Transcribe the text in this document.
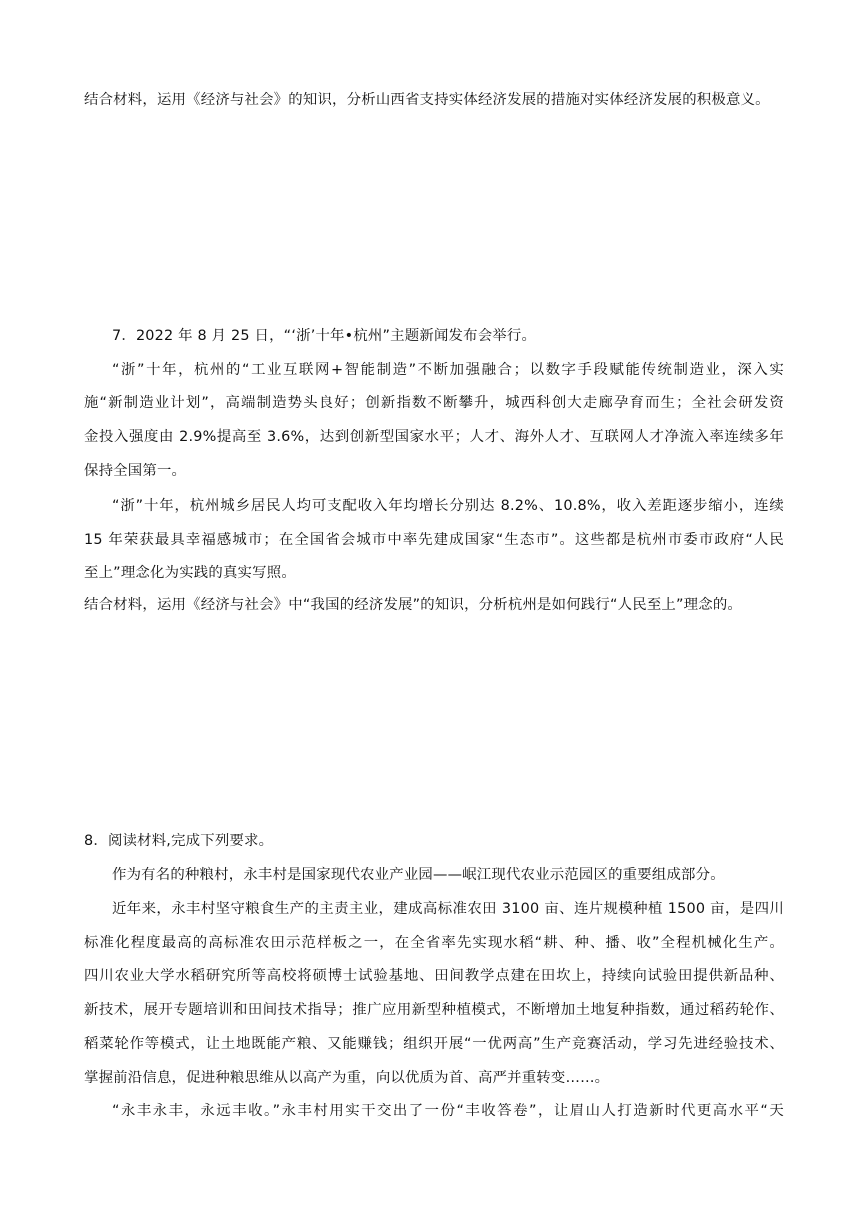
结合材料，运用《经济与社会》的知识，分析山西省支持实体经济发展的措施对实体经济发展的积极意义。
7．2022 年 8 月 25 日，“‘浙’十年•杭州”主题新闻发布会举行。
“浙”十年，杭州的“工业互联网+智能制造”不断加强融合；以数字手段赋能传统制造业，深入实
施“新制造业计划”，高端制造势头良好；创新指数不断攀升，城西科创大走廊孕育而生；全社会研发资
金投入强度由 2.9%提高至 3.6%，达到创新型国家水平；人才、海外人才、互联网人才净流入率连续多年
保持全国第一。
“浙”十年，杭州城乡居民人均可支配收入年均增长分别达 8.2%、10.8%，收入差距逐步缩小，连续
15 年荣获最具幸福感城市；在全国省会城市中率先建成国家“生态市”。这些都是杭州市委市政府“人民
至上”理念化为实践的真实写照。
结合材料，运用《经济与社会》中“我国的经济发展”的知识，分析杭州是如何践行“人民至上”理念的。
8．阅读材料,完成下列要求。
作为有名的种粮村，永丰村是国家现代农业产业园——岷江现代农业示范园区的重要组成部分。
近年来，永丰村坚守粮食生产的主责主业，建成高标准农田 3100 亩、连片规模种植 1500 亩，是四川
标准化程度最高的高标准农田示范样板之一，在全省率先实现水稻“耕、种、播、收”全程机械化生产。
四川农业大学水稻研究所等高校将硕博士试验基地、田间教学点建在田坎上，持续向试验田提供新品种、
新技术，展开专题培训和田间技术指导；推广应用新型种植模式，不断增加土地复种指数，通过稻药轮作、
稻菜轮作等模式，让土地既能产粮、又能赚钱；组织开展“一优两高”生产竞赛活动，学习先进经验技术、
掌握前沿信息，促进种粮思维从以高产为重，向以优质为首、高严并重转变……。
“永丰永丰，永远丰收。”永丰村用实干交出了一份“丰收答卷”，让眉山人打造新时代更高水平“天
